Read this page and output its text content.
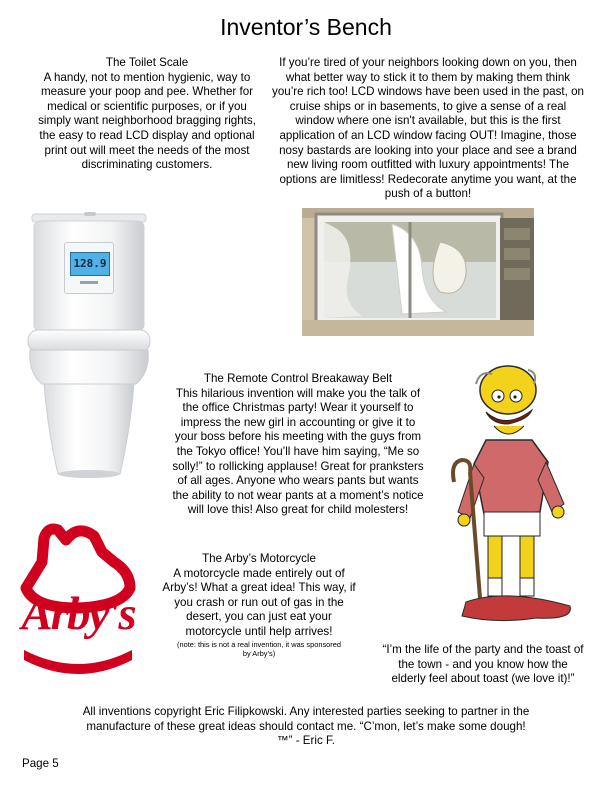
Inventor’s Bench
The Toilet Scale
A handy, not to mention hygienic, way to measure your poop and pee. Whether for medical or scientific purposes, or if you simply want neighborhood bragging rights, the easy to read LCD display and optional print out will meet the needs of the most discriminating customers.
If you’re tired of your neighbors looking down on you, then what better way to stick it to them by making them think you’re rich too! LCD windows have been used in the past, on cruise ships or in basements, to give a sense of a real window where one isn't available, but this is the first application of an LCD window facing OUT! Imagine, those nosy bastards are looking into your place and see a brand new living room outfitted with luxury appointments! The options are limitless! Redecorate anytime you want, at the push of a button!
128.9
The Remote Control Breakaway Belt
This hilarious invention will make you the talk of the office Christmas party! Wear it yourself to impress the new girl in accounting or give it to your boss before his meeting with the guys from the Tokyo office! You’ll have him saying, “Me so solly!” to rollicking applause! Great for pranksters of all ages. Anyone who wears pants but wants the ability to not wear pants at a moment’s notice will love this! Also great for child molesters!
Arby's
The Arby’s Motorcycle
A motorcycle made entirely out of Arby’s! What a great idea! This way, if you crash or run out of gas in the desert, you can just eat your motorcycle until help arrives!
(note: this is not a real invention, it was sponsored by Arby’s)	“I’m the life of the party and the toast of the town - and you know how the elderly feel about toast (we love it)!”
All inventions copyright Eric Filipkowski. Any interested parties seeking to partner in the manufacture of these great ideas should contact me. “C’mon, let’s make some dough!™” - Eric F.
Page 5
